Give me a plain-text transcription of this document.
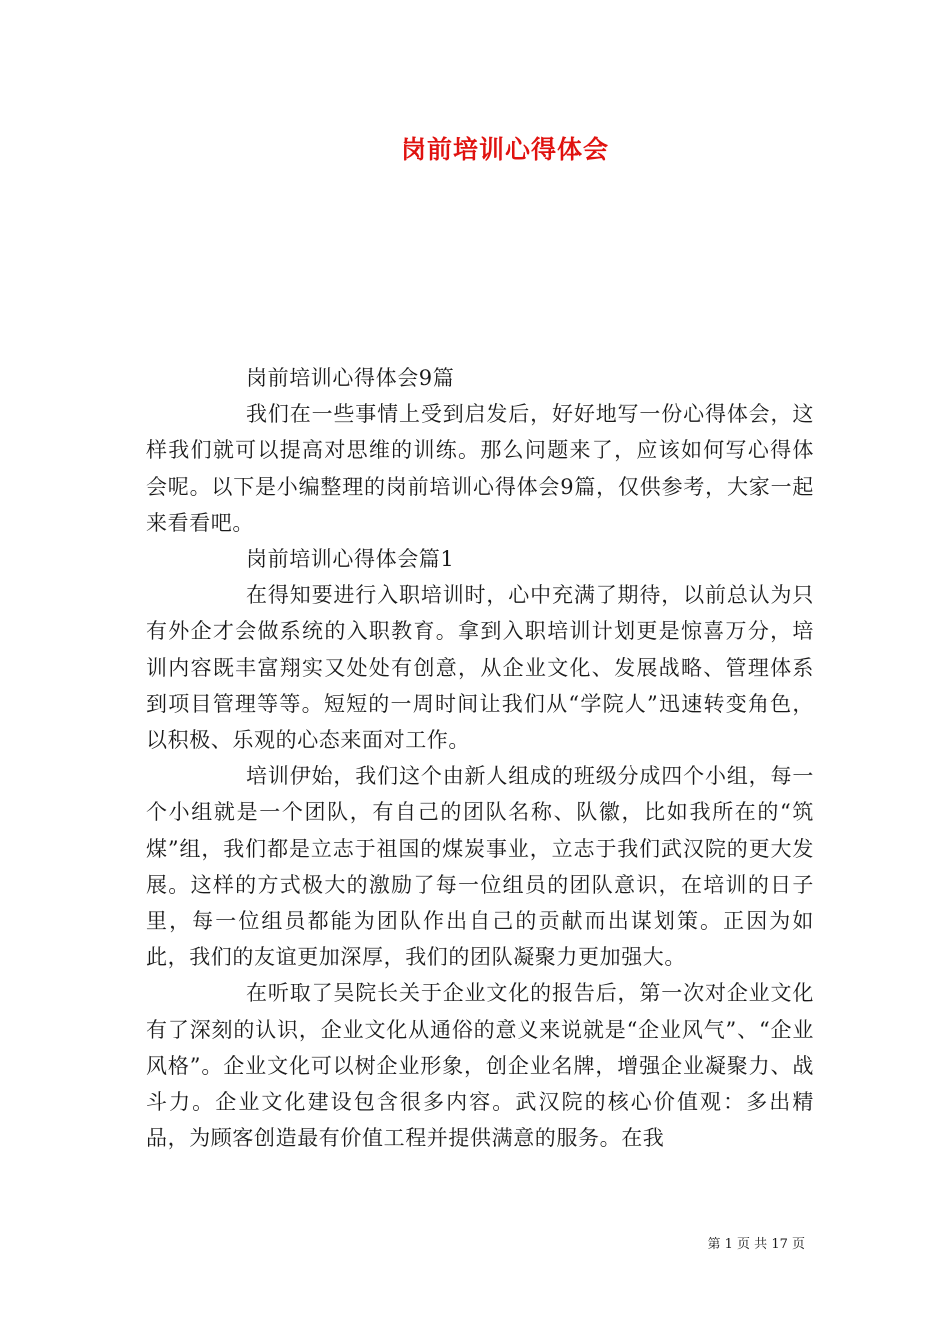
岗前培训心得体会

岗前培训心得体会9篇

我们在一些事情上受到启发后，好好地写一份心得体会，这样我们就可以提高对思维的训练。那么问题来了，应该如何写心得体会呢。以下是小编整理的岗前培训心得体会9篇，仅供参考，大家一起来看看吧。

岗前培训心得体会篇1

在得知要进行入职培训时，心中充满了期待，以前总认为只有外企才会做系统的入职教育。拿到入职培训计划更是惊喜万分，培训内容既丰富翔实又处处有创意，从企业文化、发展战略、管理体系到项目管理等等。短短的一周时间让我们从“学院人”迅速转变角色，以积极、乐观的心态来面对工作。

培训伊始，我们这个由新人组成的班级分成四个小组，每一个小组就是一个团队，有自己的团队名称、队徽，比如我所在的“筑煤”组，我们都是立志于祖国的煤炭事业，立志于我们武汉院的更大发展。这样的方式极大的激励了每一位组员的团队意识，在培训的日子里，每一位组员都能为团队作出自己的贡献而出谋划策。正因为如此，我们的友谊更加深厚，我们的团队凝聚力更加强大。

在听取了吴院长关于企业文化的报告后，第一次对企业文化有了深刻的认识，企业文化从通俗的意义来说就是“企业风气”、“企业风格”。企业文化可以树企业形象，创企业名牌，增强企业凝聚力、战斗力。企业文化建设包含很多内容。武汉院的核心价值观：多出精品，为顾客创造最有价值工程并提供满意的服务。在我

第 1 页 共 17 页
